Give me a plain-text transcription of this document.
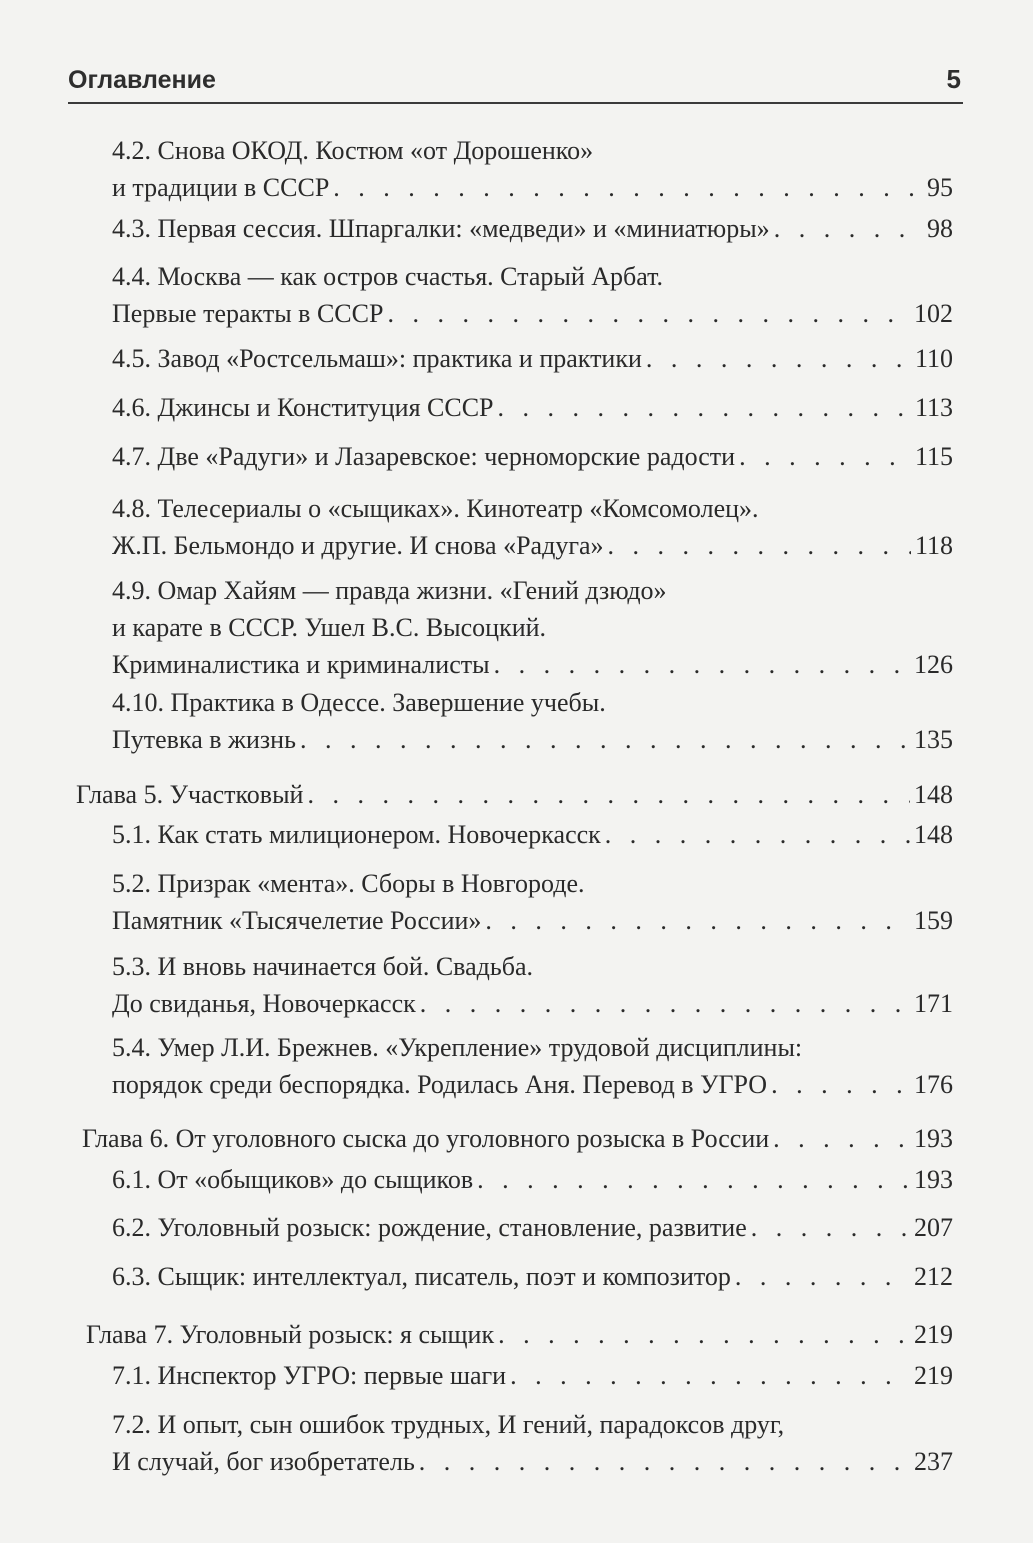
Оглавление	5
4.2. Снова ОКОД. Костюм «от Дорошенко»
и традиции в СССР . . .	95
4.3. Первая сессия. Шпаргалки: «медведи» и «миниатюры» . . .	98
4.4. Москва — как остров счастья. Старый Арбат.
Первые теракты в СССР . . .	102
4.5. Завод «Ростсельмаш»: практика и практики . . .	110
4.6. Джинсы и Конституция СССР . . .	113
4.7. Две «Радуги» и Лазаревское: черноморские радости . . .	115
4.8. Телесериалы о «сыщиках». Кинотеатр «Комсомолец».
Ж.П. Бельмондо и другие. И снова «Радуга» . . .	118
4.9. Омар Хайям — правда жизни. «Гений дзюдо»
и карате в СССР. Ушел В.С. Высоцкий.
Криминалистика и криминалисты . . .	126
4.10. Практика в Одессе. Завершение учебы.
Путевка в жизнь . . .	135
Глава 5. Участковый . . .	148
5.1. Как стать милиционером. Новочеркасск . . .	148
5.2. Призрак «мента». Сборы в Новгороде.
Памятник «Тысячелетие России» . . .	159
5.3. И вновь начинается бой. Свадьба.
До свиданья, Новочеркасск . . .	171
5.4. Умер Л.И. Брежнев. «Укрепление» трудовой дисциплины:
порядок среди беспорядка. Родилась Аня. Перевод в УГРО . . .	176
Глава 6. От уголовного сыска до уголовного розыска в России . . .	193
6.1. От «обыщиков» до сыщиков . . .	193
6.2. Уголовный розыск: рождение, становление, развитие . . .	207
6.3. Сыщик: интеллектуал, писатель, поэт и композитор . . .	212
Глава 7. Уголовный розыск: я сыщик . . .	219
7.1. Инспектор УГРО: первые шаги . . .	219
7.2. И опыт, сын ошибок трудных, И гений, парадоксов друг,
И случай, бог изобретатель . . .	237
